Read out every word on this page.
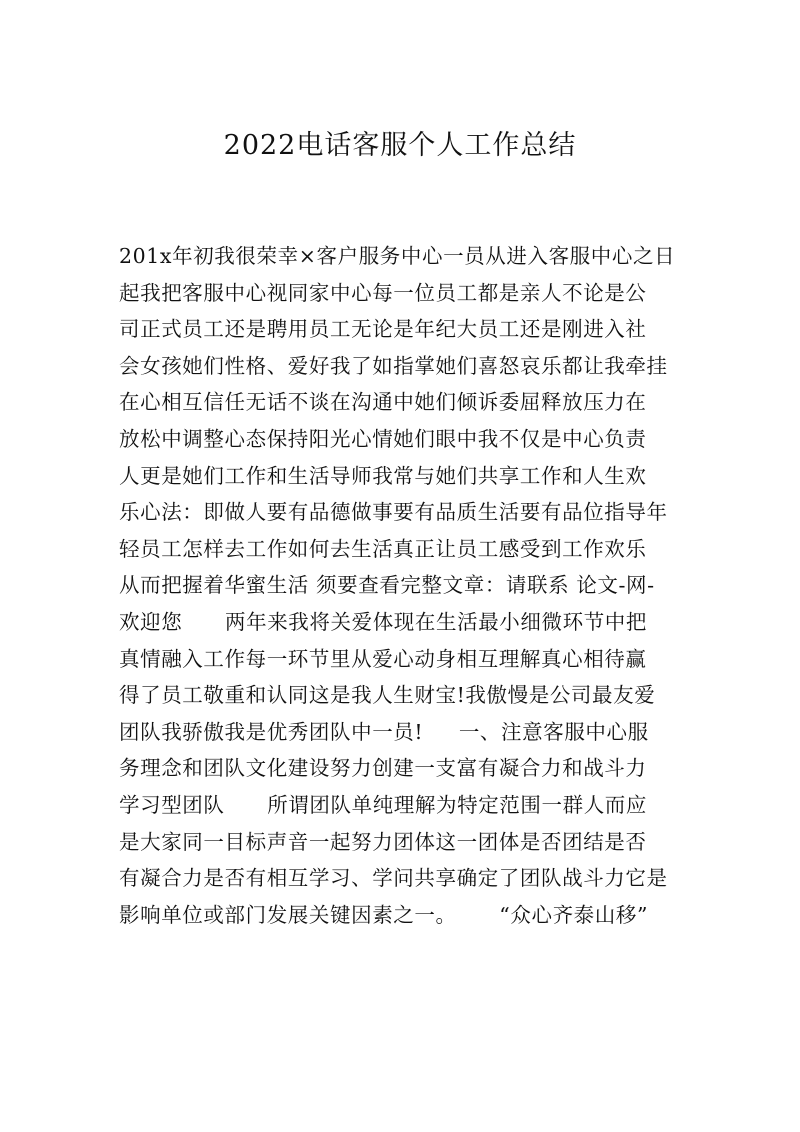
2022电话客服个人工作总结
201x年初我很荣幸×客户服务中心一员从进入客服中心之日
起我把客服中心视同家中心每一位员工都是亲人不论是公
司正式员工还是聘用员工无论是年纪大员工还是刚进入社
会女孩她们性格、爱好我了如指掌她们喜怒哀乐都让我牵挂
在心相互信任无话不谈在沟通中她们倾诉委屈释放压力在
放松中调整心态保持阳光心情她们眼中我不仅是中心负责
人更是她们工作和生活导师我常与她们共享工作和人生欢
乐心法：即做人要有品德做事要有品质生活要有品位指导年
轻员工怎样去工作如何去生活真正让员工感受到工作欢乐
从而把握着华蜜生活 须要查看完整文章：请联系 论文-网-
欢迎您      两年来我将关爱体现在生活最小细微环节中把
真情融入工作每一环节里从爱心动身相互理解真心相待赢
得了员工敬重和认同这是我人生财宝!我傲慢是公司最友爱
团队我骄傲我是优秀团队中一员!     一、注意客服中心服
务理念和团队文化建设努力创建一支富有凝合力和战斗力
学习型团队      所谓团队单纯理解为特定范围一群人而应
是大家同一目标声音一起努力团体这一团体是否团结是否
有凝合力是否有相互学习、学问共享确定了团队战斗力它是
影响单位或部门发展关键因素之一。      “众心齐泰山移”
